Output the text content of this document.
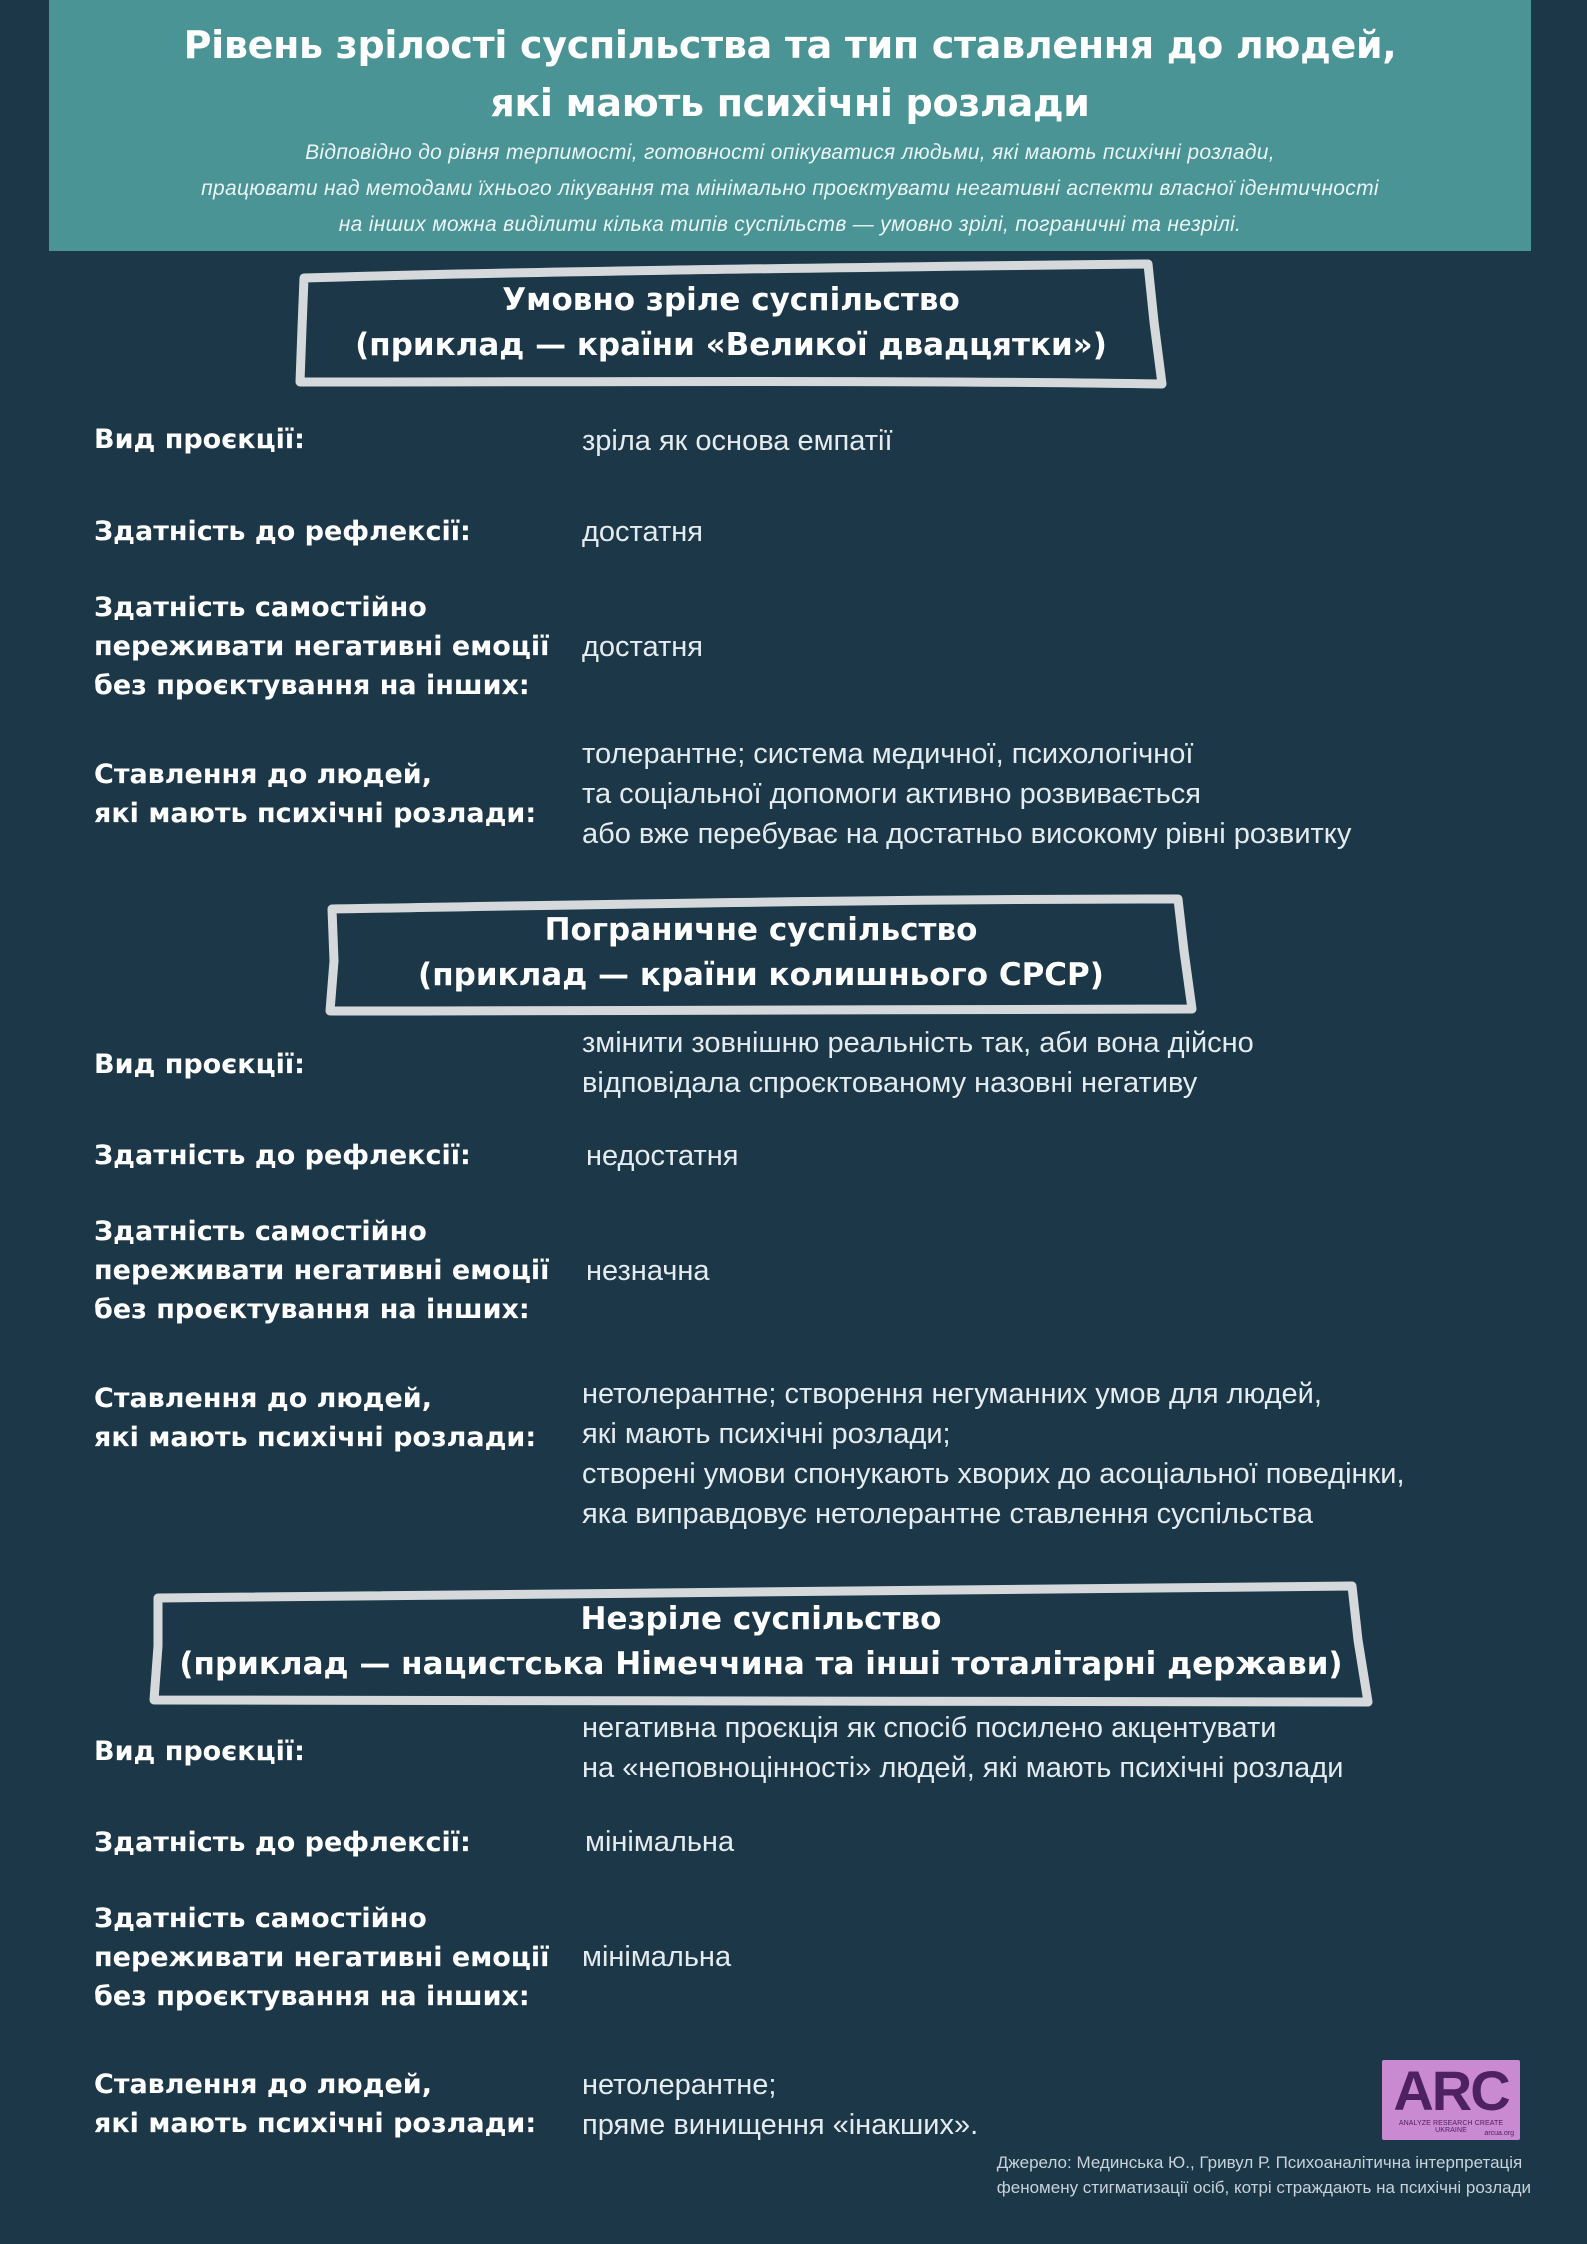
Рівень зрілості суспільства та тип ставлення до людей,
які мають психічні розлади
Відповідно до рівня терпимості, готовності опікуватися людьми, які мають психічні розлади,
працювати над методами їхнього лікування та мінімально проєктувати негативні аспекти власної ідентичності
на інших можна виділити кілька типів суспільств — умовно зрілі, пограничні та незрілі.
Умовно зріле суспільство
(приклад — країни «Великої двадцятки»)
Вид проєкції:	зріла як основа емпатії
Здатність до рефлексії:	достатня
Здатність самостійно
переживати негативні емоції
без проєктування на інших:
достатня
Ставлення до людей,
які мають психічні розлади:
толерантне; система медичної, психологічної
та соціальної допомоги активно розвивається
або вже перебуває на достатньо високому рівні розвитку
Пограничне суспільство
(приклад — країни колишнього СРСР)
Вид проєкції:
змінити зовнішню реальність так, аби вона дійсно
відповідала спроєктованому назовні негативу
Здатність до рефлексії:	недостатня
Здатність самостійно
переживати негативні емоції
без проєктування на інших:
незначна
Ставлення до людей,
які мають психічні розлади:
нетолерантне; створення негуманних умов для людей,
які мають психічні розлади;
створені умови спонукають хворих до асоціальної поведінки,
яка виправдовує нетолерантне ставлення суспільства
Незріле суспільство
(приклад — нацистська Німеччина та інші тоталітарні держави)
Вид проєкції:
негативна проєкція як спосіб посилено акцентувати
на «неповноцінності» людей, які мають психічні розлади
Здатність до рефлексії:	мінімальна
Здатність самостійно
переживати негативні емоції
без проєктування на інших:
мінімальна
Ставлення до людей,
які мають психічні розлади:
нетолерантне;
пряме винищення «інакших».
ARC
ANALYZE RESEARCH CREATE UKRAINE	arcua.org
Джерело: Мединська Ю., Гривул Р. Психоаналітична інтерпретація
феномену стигматизації осіб, котрі страждають на психічні розлади
